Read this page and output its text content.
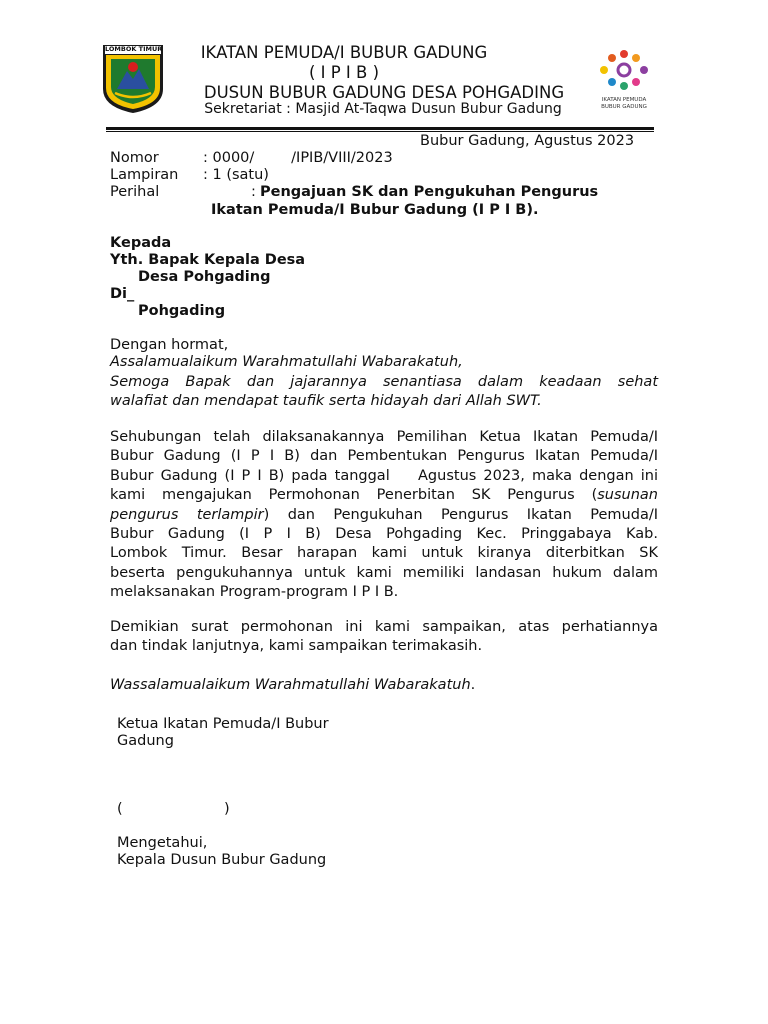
LOMBOK TIMUR
IKATAN PEMUDA
BUBUR GADUNG
IKATAN PEMUDA/I BUBUR GADUNG
( I P I B )
DUSUN BUBUR GADUNG DESA POHGADING
Sekretariat : Masjid At-Taqwa Dusun Bubur Gadung
Bubur Gadung, Agustus 2023
Nomor	: 0000/        /IPIB/VIII/2023
Lampiran : 1 (satu)
Perihal	: Pengajuan SK dan Pengukuhan Pengurus
Ikatan Pemuda/I Bubur Gadung (I P I B).
Kepada
Yth. Bapak Kepala Desa
Desa Pohgading
Di_
Pohgading
Dengan hormat,
Assalamualaikum Warahmatullahi Wabarakatuh,
Semoga Bapak dan jajarannya senantiasa dalam keadaan sehat
walafiat dan mendapat taufik serta hidayah dari Allah SWT.
Sehubungan telah dilaksanakannya Pemilihan Ketua Ikatan Pemuda/I
Bubur Gadung (I P I B) dan Pembentukan Pengurus Ikatan Pemuda/I
Bubur Gadung (I P I B) pada tanggal    Agustus 2023, maka dengan ini
kami mengajukan Permohonan Penerbitan SK Pengurus (susunan
pengurus terlampir) dan Pengukuhan Pengurus Ikatan Pemuda/I
Bubur Gadung (I P I B) Desa Pohgading Kec. Pringgabaya Kab.
Lombok Timur. Besar harapan kami untuk kiranya diterbitkan SK
beserta pengukuhannya untuk kami memiliki landasan hukum dalam
melaksanakan Program-program I P I B.
Demikian surat permohonan ini kami sampaikan, atas perhatiannya
dan tindak lanjutnya, kami sampaikan terimakasih.
Wassalamualaikum Warahmatullahi Wabarakatuh.
Ketua Ikatan Pemuda/I Bubur
Gadung
(                      )
Mengetahui,
Kepala Dusun Bubur Gadung
